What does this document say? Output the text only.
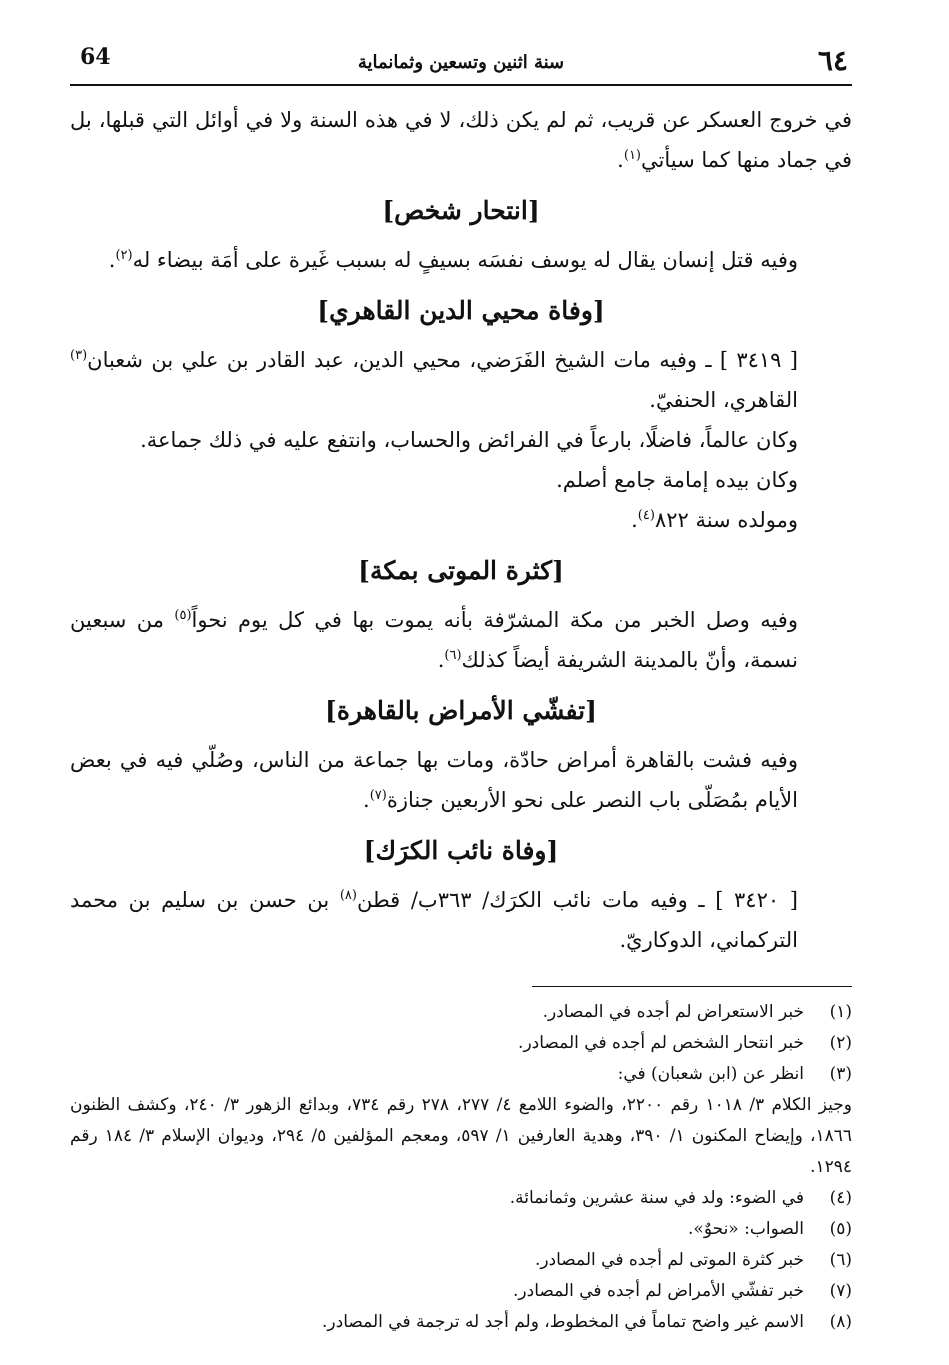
٦٤
سنة اثنين وتسعين وثمانماية
64

في خروج العسكر عن قريب، ثم لم يكن ذلك، لا في هذه السنة ولا في أوائل التي قبلها، بل في جماد منها كما سيأتي$^{(١)}$.

[انتحار شخص]

وفيه قتل إنسان يقال له يوسف نفسَه بسيفٍ له بسبب غَيرة على أمَة بيضاء له$^{(٢)}$.

[وفاة محيي الدين القاهري]

[ ٣٤١٩ ] ـ وفيه مات الشيخ الفَرَضي، محيي الدين، عبد القادر بن علي بن شعبان$^{(٣)}$ القاهري، الحنفيّ.

وكان عالماً، فاضلًا، بارعاً في الفرائض والحساب، وانتفع عليه في ذلك جماعة.

وكان بيده إمامة جامع أصلم.

ومولده سنة ٨٢٢$^{(٤)}$.

[كثرة الموتى بمكة]

وفيه وصل الخبر من مكة المشرّفة بأنه يموت بها في كل يوم نحواً$^{(٥)}$ من سبعين نسمة، وأنّ بالمدينة الشريفة أيضاً كذلك$^{(٦)}$.

[تفشّي الأمراض بالقاهرة]

وفيه فشت بالقاهرة أمراض حادّة، ومات بها جماعة من الناس، وصُلّي فيه في بعض الأيام بمُصَلّى باب النصر على نحو الأربعين جنازة$^{(٧)}$.

[وفاة نائب الكرَك]

[ ٣٤٢٠ ] ـ وفيه مات نائب الكرَك/ ٣٦٣ب/ قطن$^{(٨)}$ بن حسن بن سليم بن محمد التركماني، الدوكاريّ.

(١)
خبر الاستعراض لم أجده في المصادر.
(٢)
خبر انتحار الشخص لم أجده في المصادر.
(٣)
انظر عن (ابن شعبان) في:
وجيز الكلام ٣/ ١٠١٨ رقم ٢٢٠٠، والضوء اللامع ٤/ ٢٧٧، ٢٧٨ رقم ٧٣٤، وبدائع الزهور ٣/ ٢٤٠، وكشف الظنون ١٨٦٦، وإيضاح المكنون ١/ ٣٩٠، وهدية العارفين ١/ ٥٩٧، ومعجم المؤلفين ٥/ ٢٩٤، وديوان الإسلام ٣/ ١٨٤ رقم ١٢٩٤.
(٤)
في الضوء: ولد في سنة عشرين وثمانمائة.
(٥)
الصواب: «نحوٌ».
(٦)
خبر كثرة الموتى لم أجده في المصادر.
(٧)
خبر تفشّي الأمراض لم أجده في المصادر.
(٨)
الاسم غير واضح تماماً في المخطوط، ولم أجد له ترجمة في المصادر.
